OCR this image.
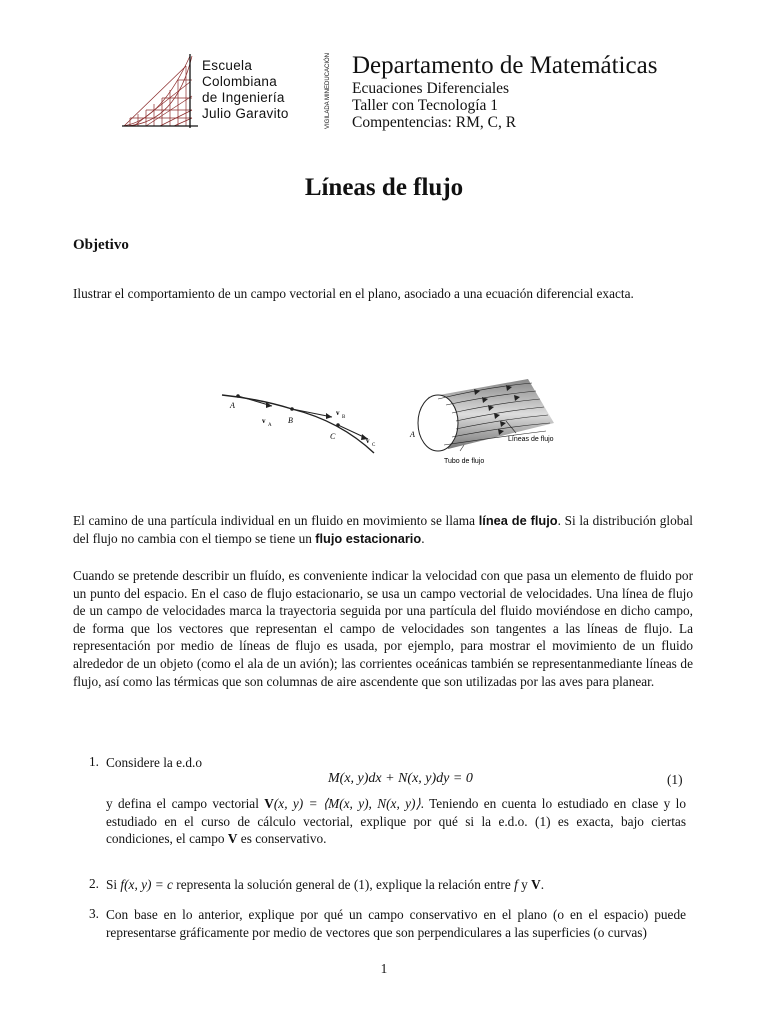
Escuela
Colombiana
de Ingeniería
Julio Garavito	VIGILADA MINEDUCACIÓN Departamento de Matemáticas
Ecuaciones Diferenciales
Taller con Tecnología 1
Compentencias: RM, C, R
Líneas de flujo
Objetivo
Ilustrar el comportamiento de un campo vectorial en el plano, asociado a una ecuación diferencial exacta.
A
B
C
v
A
v
B
v
C
A
Líneas de flujo
Tubo de flujo
El camino de una partícula individual en un fluido en movimiento se llama línea de flujo. Si la distribución global del flujo no cambia con el tiempo se tiene un flujo estacionario.
Cuando se pretende describir un fluído, es conveniente indicar la velocidad con que pasa un elemento de fluido por un punto del espacio. En el caso de flujo estacionario, se usa un campo vectorial de velocidades. Una línea de flujo de un campo de velocidades marca la trayectoria seguida por una partícula del fluido moviéndose en dicho campo, de forma que los vectores que representan el campo de velocidades son tangentes a las líneas de flujo. La representación por medio de líneas de flujo es usada, por ejemplo, para mostrar el movimiento de un fluido alrededor de un objeto (como el ala de un avión); las corrientes oceánicas también se representanmediante líneas de flujo, así como las térmicas que son columnas de aire ascendente que son utilizadas por las aves para planear.
1. Considere la e.d.o
M(x, y)dx + N(x, y)dy = 0	(1)
y defina el campo vectorial V(x, y) = ⟨M(x, y), N(x, y)⟩. Teniendo en cuenta lo estudiado en clase y lo estudiado en el curso de cálculo vectorial, explique por qué si la e.d.o. (1) es exacta, bajo ciertas condiciones, el campo V es conservativo.
2. Si f(x, y) = c representa la solución general de (1), explique la relación entre f y V.
3. Con base en lo anterior, explique por qué un campo conservativo en el plano (o en el espacio) puede representarse gráficamente por medio de vectores que son perpendiculares a las superficies (o curvas)
1
